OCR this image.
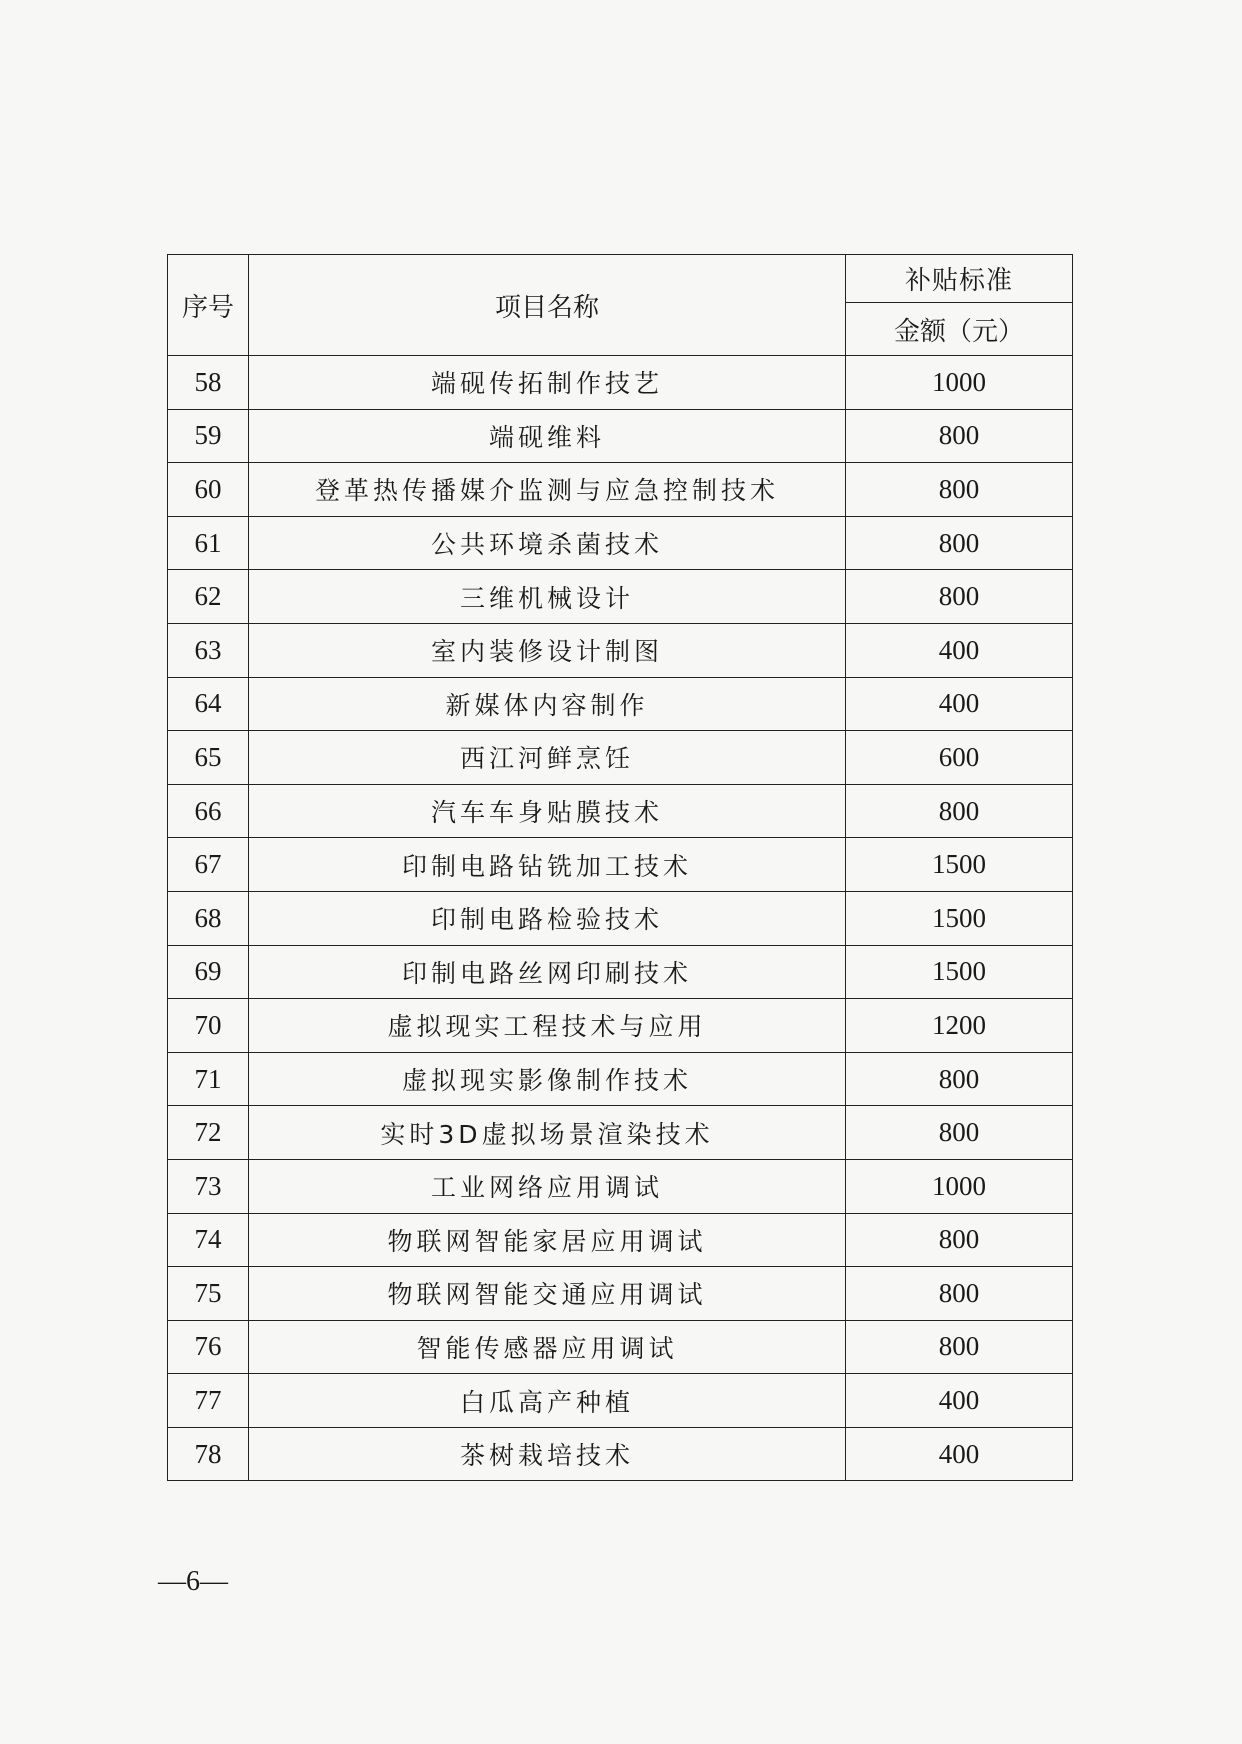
序号	项目名称	补贴标准
		金额（元）
58	端砚传拓制作技艺	1000
59	端砚维料	800
60	登革热传播媒介监测与应急控制技术	800
61	公共环境杀菌技术	800
62	三维机械设计	800
63	室内装修设计制图	400
64	新媒体内容制作	400
65	西江河鲜烹饪	600
66	汽车车身贴膜技术	800
67	印制电路钻铣加工技术	1500
68	印制电路检验技术	1500
69	印制电路丝网印刷技术	1500
70	虚拟现实工程技术与应用	1200
71	虚拟现实影像制作技术	800
72	实时3D虚拟场景渲染技术	800
73	工业网络应用调试	1000
74	物联网智能家居应用调试	800
75	物联网智能交通应用调试	800
76	智能传感器应用调试	800
77	白瓜高产种植	400
78	茶树栽培技术	400
—6—
